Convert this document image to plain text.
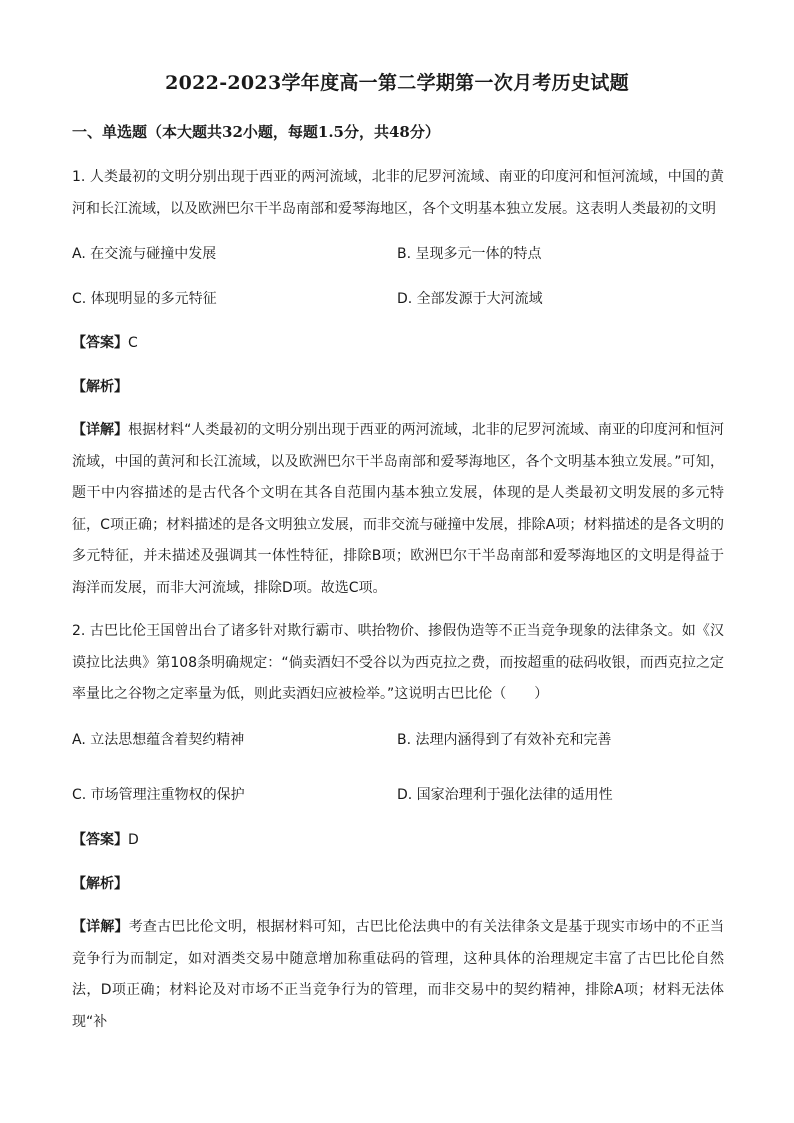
2022-2023学年度高一第二学期第一次月考历史试题
一、单选题（本大题共32小题，每题1.5分，共48分）
1. 人类最初的文明分别出现于西亚的两河流域，北非的尼罗河流域、南亚的印度河和恒河流域，中国的黄河和长江流域，以及欧洲巴尔干半岛南部和爱琴海地区，各个文明基本独立发展。这表明人类最初的文明
A. 在交流与碰撞中发展	B. 呈现多元一体的特点
C. 体现明显的多元特征	D. 全部发源于大河流域
【答案】C
【解析】
【详解】根据材料“人类最初的文明分别出现于西亚的两河流域，北非的尼罗河流域、南亚的印度河和恒河流域，中国的黄河和长江流域，以及欧洲巴尔干半岛南部和爱琴海地区，各个文明基本独立发展。”可知，题干中内容描述的是古代各个文明在其各自范围内基本独立发展，体现的是人类最初文明发展的多元特征，C项正确；材料描述的是各文明独立发展，而非交流与碰撞中发展，排除A项；材料描述的是各文明的多元特征，并未描述及强调其一体性特征，排除B项；欧洲巴尔干半岛南部和爱琴海地区的文明是得益于海洋而发展，而非大河流域，排除D项。故选C项。
2. 古巴比伦王国曾出台了诸多针对欺行霸市、哄抬物价、掺假伪造等不正当竞争现象的法律条文。如《汉谟拉比法典》第108条明确规定：“倘卖酒妇不受谷以为西克拉之费，而按超重的砝码收银，而西克拉之定率量比之谷物之定率量为低，则此卖酒妇应被检举。”这说明古巴比伦（　　）
A. 立法思想蕴含着契约精神	B. 法理内涵得到了有效补充和完善
C. 市场管理注重物权的保护	D. 国家治理利于强化法律的适用性
【答案】D
【解析】
【详解】考查古巴比伦文明，根据材料可知，古巴比伦法典中的有关法律条文是基于现实市场中的不正当竞争行为而制定，如对酒类交易中随意增加称重砝码的管理，这种具体的治理规定丰富了古巴比伦自然法，D项正确；材料论及对市场不正当竞争行为的管理，而非交易中的契约精神，排除A项；材料无法体现“补
